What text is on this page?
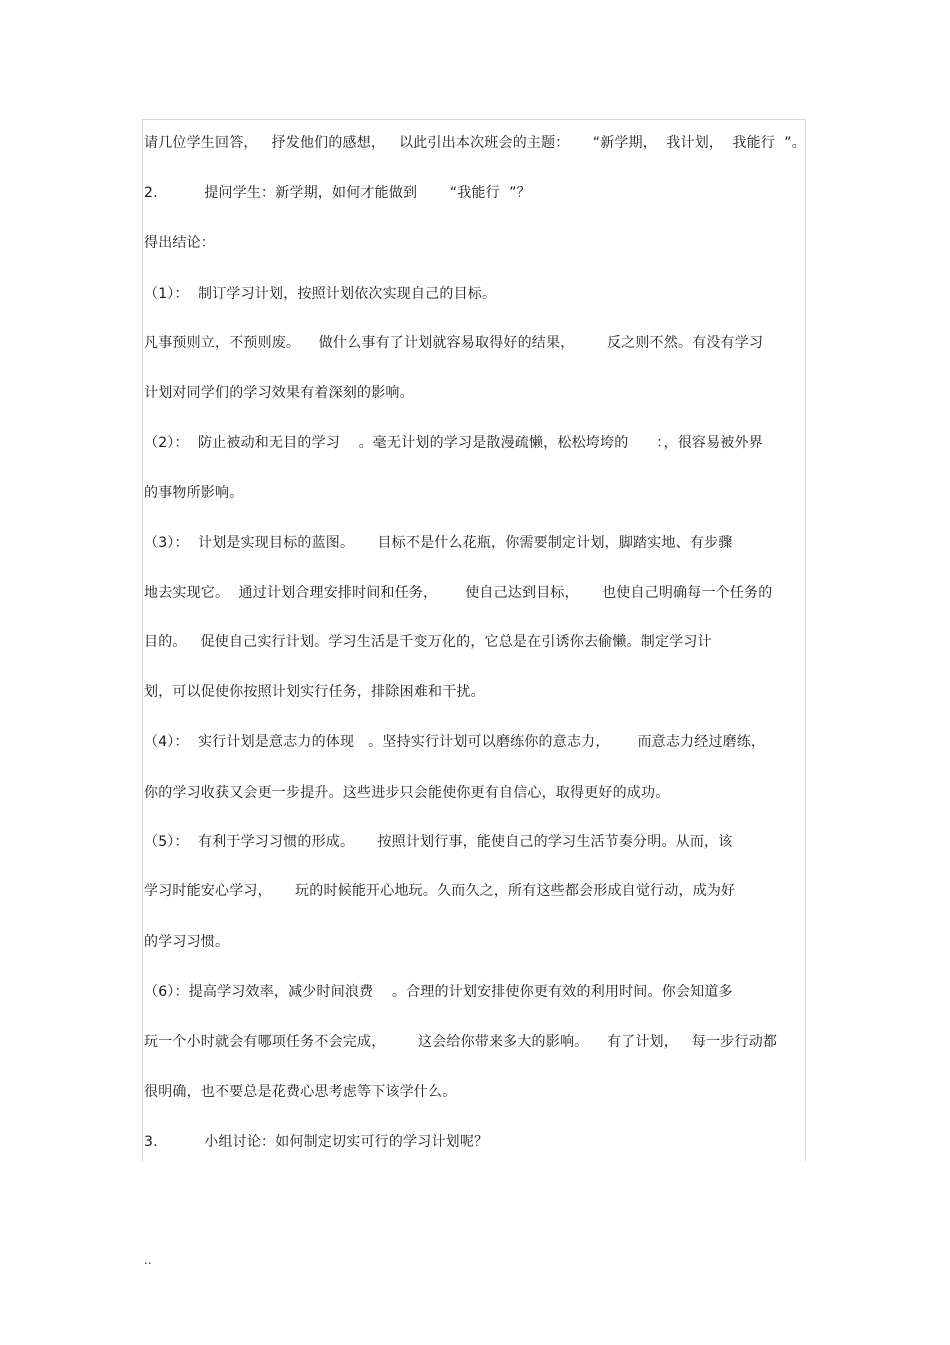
请几位学生回答，   抒发他们的感想，   以此引出本次班会的主题：     “新学期，  我计划，  我能行  ”。
2.          提问学生：新学期，如何才能做到       “我能行  ”？
得出结论：
（1）：  制订学习计划，按照计划依次实现自己的目标。
凡事预则立，不预则废。    做什么事有了计划就容易取得好的结果，       反之则不然。有没有学习
计划对同学们的学习效果有着深刻的影响。
（2）：  防止被动和无目的学习    。毫无计划的学习是散漫疏懒，松松垮垮的      ：，很容易被外界
的事物所影响。
（3）：  计划是实现目标的蓝图。     目标不是什么花瓶，你需要制定计划，脚踏实地、有步骤
地去实现它。  通过计划合理安排时间和任务，      使自己达到目标，     也使自己明确每一个任务的
目的。   促使自己实行计划。学习生活是千变万化的，它总是在引诱你去偷懒。制定学习计
划，可以促使你按照计划实行任务，排除困难和干扰。
（4）：  实行计划是意志力的体现   。坚持实行计划可以磨练你的意志力，      而意志力经过磨练，
你的学习收获又会更一步提升。这些进步只会能使你更有自信心，取得更好的成功。
（5）：  有利于学习习惯的形成。     按照计划行事，能使自己的学习生活节奏分明。从而，该
学习时能安心学习，     玩的时候能开心地玩。久而久之，所有这些都会形成自觉行动，成为好
的学习习惯。
（6）：提高学习效率，减少时间浪费    。合理的计划安排使你更有效的利用时间。你会知道多
玩一个小时就会有哪项任务不会完成，       这会给你带来多大的影响。    有了计划，   每一步行动都
很明确，也不要总是花费心思考虑等下该学什么。
3.          小组讨论：如何制定切实可行的学习计划呢？
..
